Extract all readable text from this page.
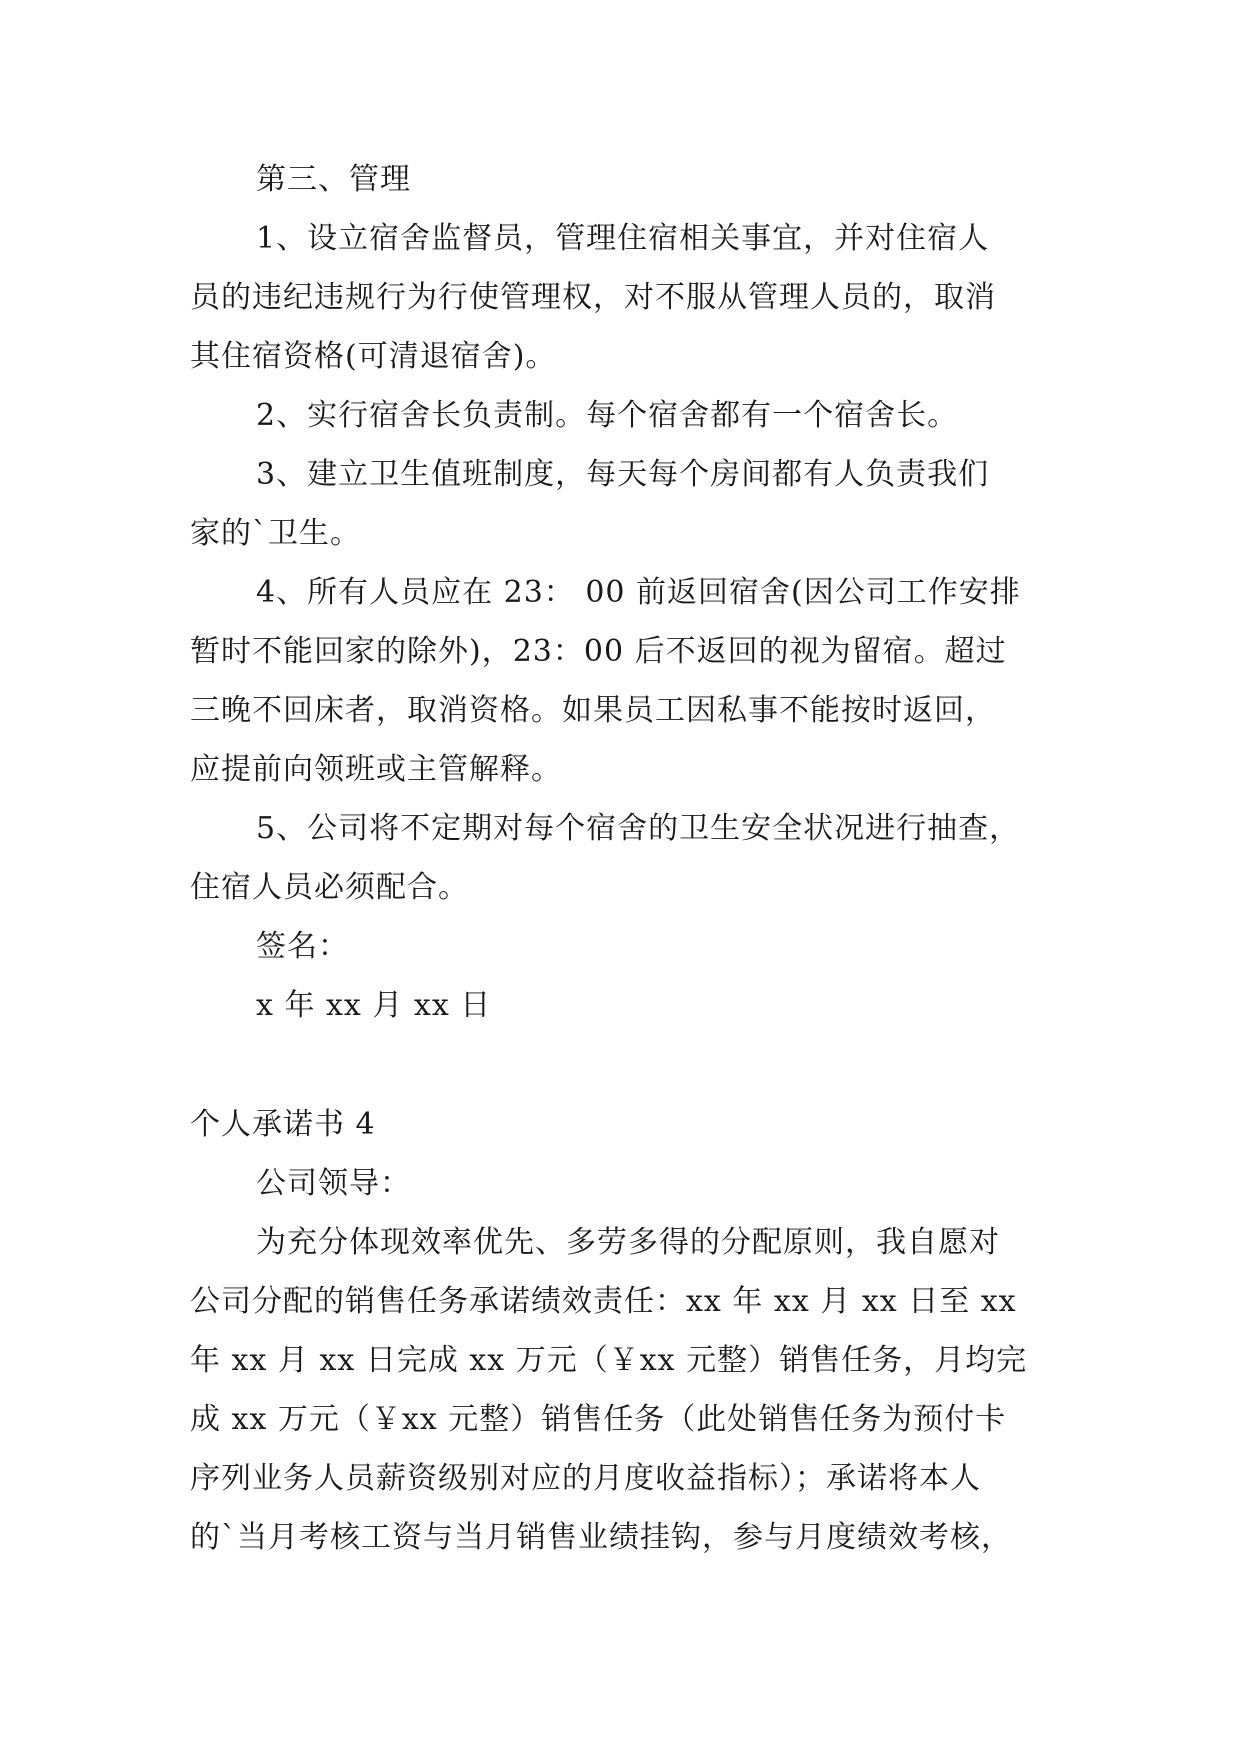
第三、管理
1、设立宿舍监督员，管理住宿相关事宜，并对住宿人
员的违纪违规行为行使管理权，对不服从管理人员的，取消
其住宿资格(可清退宿舍)。
2、实行宿舍长负责制。每个宿舍都有一个宿舍长。
3、建立卫生值班制度，每天每个房间都有人负责我们
家的`卫生。
4、所有人员应在 23： 00 前返回宿舍(因公司工作安排
暂时不能回家的除外)，23：00 后不返回的视为留宿。超过
三晚不回床者，取消资格。如果员工因私事不能按时返回，
应提前向领班或主管解释。
5、公司将不定期对每个宿舍的卫生安全状况进行抽查，
住宿人员必须配合。
签名：
x 年 xx 月 xx 日
个人承诺书 4
公司领导：
为充分体现效率优先、多劳多得的分配原则，我自愿对
公司分配的销售任务承诺绩效责任：xx 年 xx 月 xx 日至 xx
年 xx 月 xx 日完成 xx 万元（￥xx 元整）销售任务，月均完
成 xx 万元（￥xx 元整）销售任务（此处销售任务为预付卡
序列业务人员薪资级别对应的月度收益指标）；承诺将本人
的`当月考核工资与当月销售业绩挂钩，参与月度绩效考核，
